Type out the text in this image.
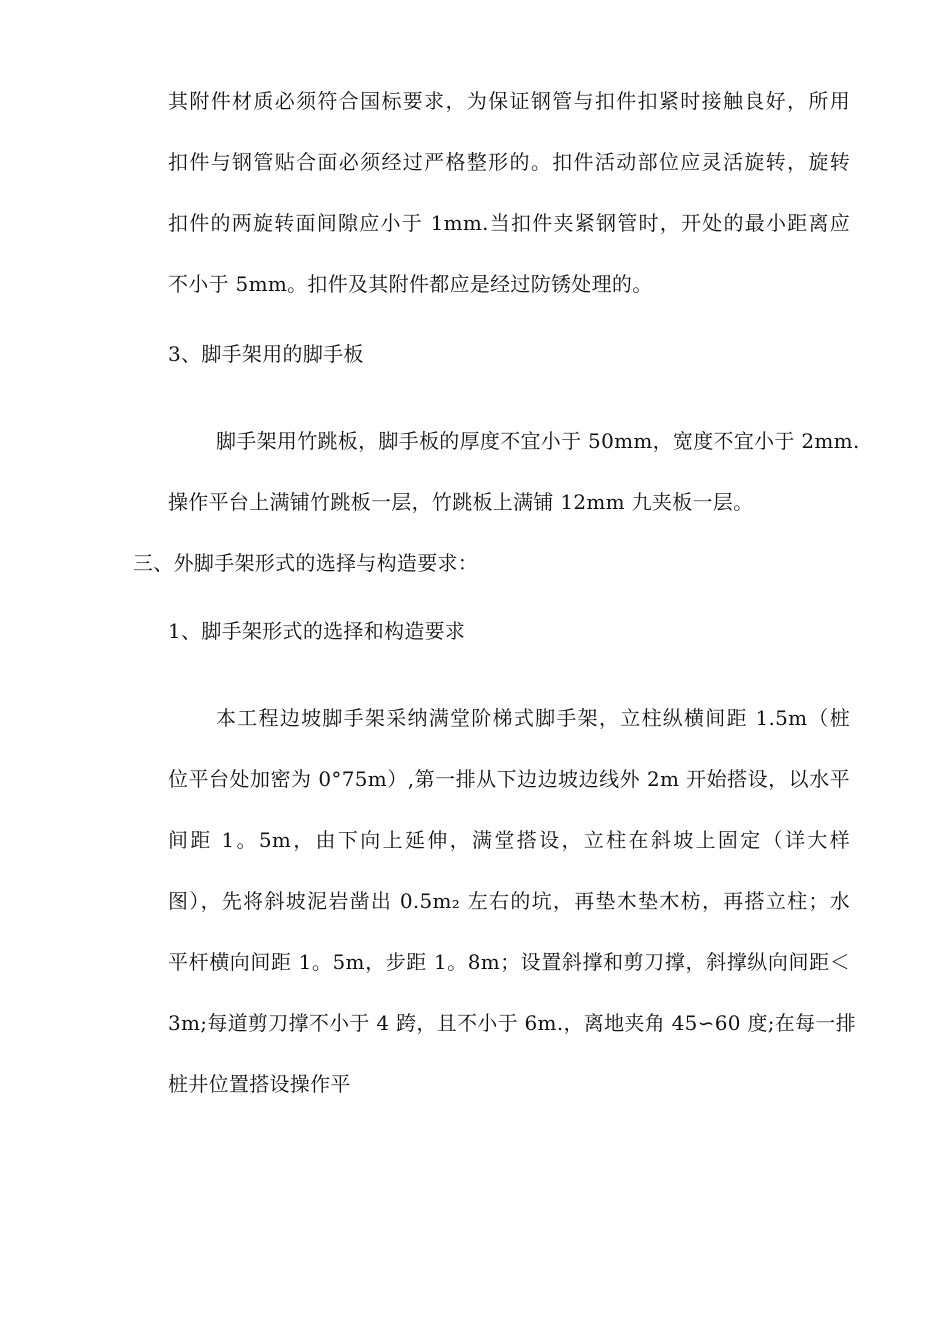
其附件材质必须符合国标要求，为保证钢管与扣件扣紧时接触良好，所用
扣件与钢管贴合面必须经过严格整形的。扣件活动部位应灵活旋转，旋转
扣件的两旋转面间隙应小于 1mm.当扣件夹紧钢管时，开处的最小距离应
不小于 5mm。扣件及其附件都应是经过防锈处理的。
3、脚手架用的脚手板
脚手架用竹跳板，脚手板的厚度不宜小于 50mm，宽度不宜小于 2mm.
操作平台上满铺竹跳板一层，竹跳板上满铺 12mm 九夹板一层。
三、外脚手架形式的选择与构造要求：
1、脚手架形式的选择和构造要求
本工程边坡脚手架采纳满堂阶梯式脚手架，立柱纵横间距 1.5m（桩
位平台处加密为 0°75m）,第一排从下边边坡边线外 2m 开始搭设，以水平
间距 1。5m，由下向上延伸，满堂搭设，立柱在斜坡上固定（详大样
图），先将斜坡泥岩凿出 0.5m₂ 左右的坑，再垫木垫木枋，再搭立柱；水
平杆横向间距 1。5m，步距 1。8m；设置斜撑和剪刀撑，斜撑纵向间距＜
3m;每道剪刀撑不小于 4 跨，且不小于 6m.，离地夹角 45∽60 度;在每一排
桩井位置搭设操作平
